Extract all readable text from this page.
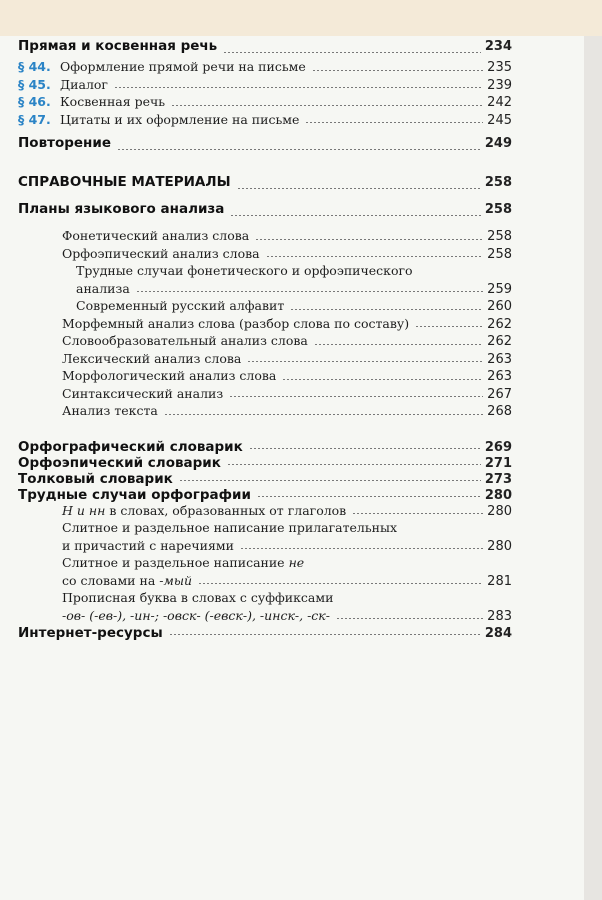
Прямая и косвенная речь	234
§ 44. Оформление прямой речи на письме	235
§ 45. Диалог	239
§ 46. Косвенная речь	242
§ 47. Цитаты и их оформление на письме	245
Повторение	249
СПРАВОЧНЫЕ МАТЕРИАЛЫ	258
Планы языкового анализа	258
Фонетический анализ слова	258
Орфоэпический анализ слова	258
Трудные случаи фонетического и орфоэпического
анализа	259
Современный русский алфавит	260
Морфемный анализ слова (разбор слова по составу)	262
Словообразовательный анализ слова	262
Лексический анализ слова	263
Морфологический анализ слова	263
Синтаксический анализ	267
Анализ текста	268
Орфографический словарик	269
Орфоэпический словарик	271
Толковый словарик	273
Трудные случаи орфографии	280
Н и нн в словах, образованных от глаголов	280
Слитное и раздельное написание прилагательных
и причастий с наречиями	280
Слитное и раздельное написание не
со словами на -мый	281
Прописная буква в словах с суффиксами
-ов- (-ев-), -ин-; -овск- (-евск-), -инск-, -ск-	283
Интернет-ресурсы	284
